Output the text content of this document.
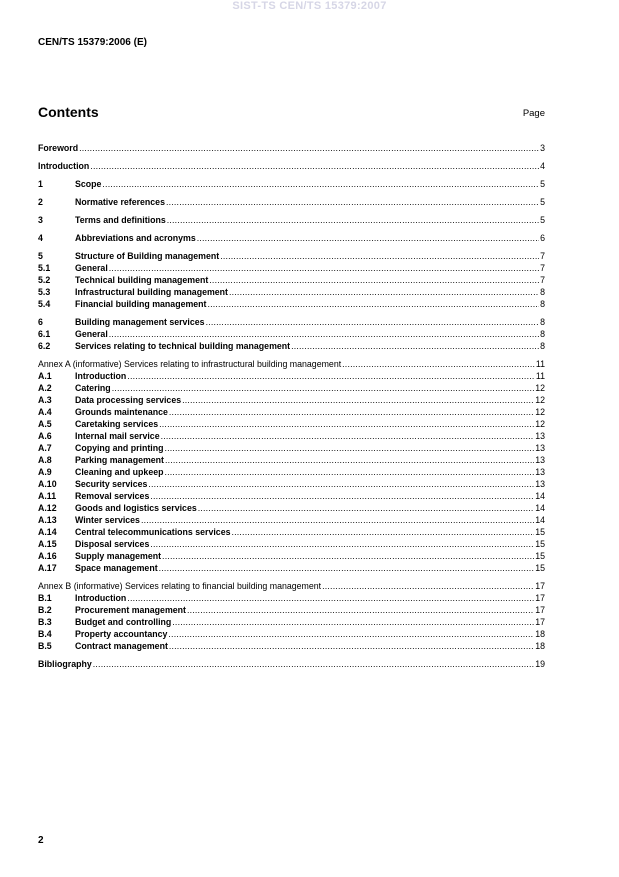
SIST-TS CEN/TS 15379:2007
CEN/TS 15379:2006 (E)
Contents	Page
Foreword .....	3
Introduction .....	4
1	Scope .....	5
2	Normative references .....	5
3	Terms and definitions .....	5
4	Abbreviations and acronyms .....	6
5	Structure of Building management .....	7
5.1	General .....	7
5.2	Technical building management .....	7
5.3	Infrastructural building management .....	8
5.4	Financial building management .....	8
6	Building management services .....	8
6.1	General .....	8
6.2	Services relating to technical building management .....	8
Annex A (informative) Services relating to infrastructural building management .....	11
A.1	Introduction .....	11
A.2	Catering .....	12
A.3	Data processing services .....	12
A.4	Grounds maintenance .....	12
A.5	Caretaking services .....	12
A.6	Internal mail service .....	13
A.7	Copying and printing .....	13
A.8	Parking management .....	13
A.9	Cleaning and upkeep .....	13
A.10	Security services .....	13
A.11	Removal services .....	14
A.12	Goods and logistics services .....	14
A.13	Winter services .....	14
A.14	Central telecommunications services .....	15
A.15	Disposal services .....	15
A.16	Supply management .....	15
A.17	Space management .....	15
Annex B (informative) Services relating to financial building management .....	17
B.1	Introduction .....	17
B.2	Procurement management .....	17
B.3	Budget and controlling .....	17
B.4	Property accountancy .....	18
B.5	Contract management .....	18
Bibliography .....	19
2
